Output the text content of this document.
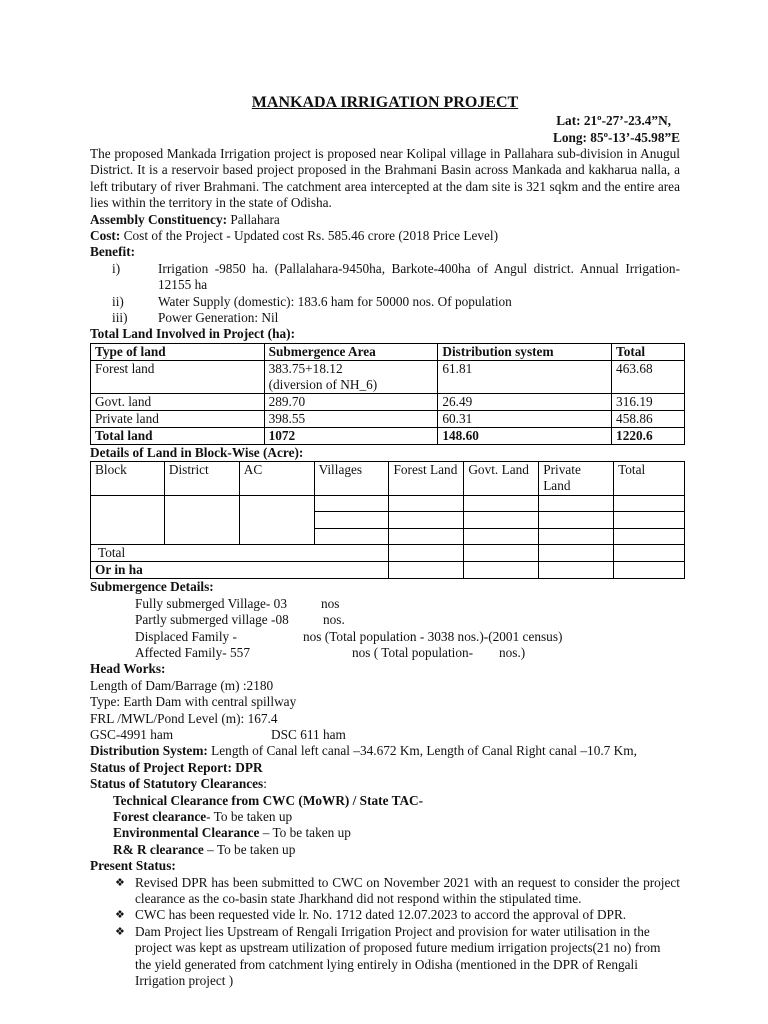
MANKADA IRRIGATION PROJECT
Lat: 21º-27’-23.4”N,
Long: 85º-13’-45.98”E

The proposed Mankada Irrigation project is proposed near Kolipal village in Pallahara sub-division in Anugul District. It is a reservoir based project proposed in the Brahmani Basin across Mankada and kakharua nalla, a left tributary of river Brahmani. The catchment area intercepted at the dam site is 321 sqkm and the entire area lies within the territory in the state of Odisha.

Assembly Constituency: Pallahara

Cost: Cost of the Project - Updated cost Rs. 585.46 crore (2018 Price Level)

Benefit:

i)	Irrigation -9850 ha. (Pallalahara-9450ha, Barkote-400ha of Angul district. Annual Irrigation-12155 ha
ii)	Water Supply (domestic): 183.6 ham for 50000 nos. Of population
iii)	Power Generation: Nil

Total Land Involved in Project (ha):

Type of land	Submergence Area	Distribution system	Total
Forest land	383.75+18.12
(diversion of NH_6)	61.81	463.68
Govt. land	289.70	26.49	316.19
Private land	398.55	60.31	458.86
Total land	1072	148.60	1220.6

Details of Land in Block-Wise (Acre):

Block	District	AC	Villages	Forest Land	Govt. Land	Private Land	Total

Total							
Or in ha							

Submergence Details:

Fully submerged Village- 03	nos

Partly submerged village -08	nos.

Displaced Family -	nos (Total population - 3038 nos.)-(2001 census)

Affected Family- 557	nos ( Total population- nos.)

Head Works:

Length of Dam/Barrage (m) :2180

Type: Earth Dam with central spillway

FRL /MWL/Pond Level (m): 167.4

GSC-4991 ham	DSC 611 ham

Distribution System: Length of Canal left canal –34.672 Km, Length of Canal Right canal –10.7 Km,

Status of Project Report: DPR

Status of Statutory Clearances:

Technical Clearance from CWC (MoWR) / State TAC-

Forest clearance- To be taken up

Environmental Clearance – To be taken up

R& R clearance – To be taken up

Present Status:

❖ Revised DPR has been submitted to CWC on November 2021 with an request to consider the project clearance as the co-basin state Jharkhand did not respond within the stipulated time.
❖ CWC has been requested vide lr. No. 1712 dated 12.07.2023 to accord the approval of DPR.
❖ Dam Project lies Upstream of Rengali Irrigation Project and provision for water utilisation in the project was kept as upstream utilization of proposed future medium irrigation projects(21 no) from the yield generated from catchment lying entirely in Odisha (mentioned in the DPR of Rengali Irrigation project )
